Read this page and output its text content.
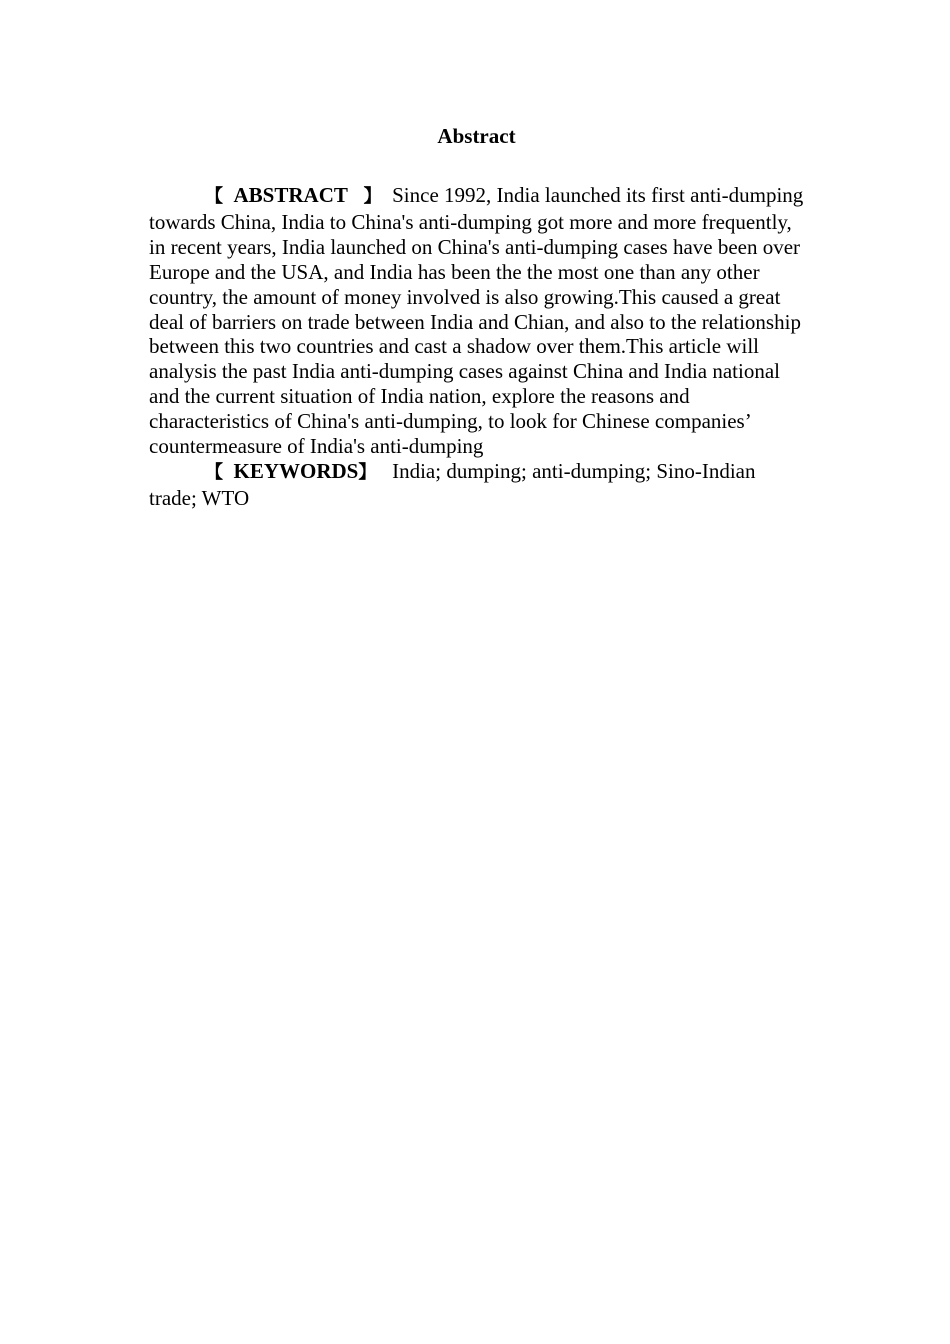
Abstract

【 ABSTRACT 】 Since 1992, India launched its first anti-dumping towards China, India to China's anti-dumping got more and more frequently, in recent years, India launched on China's anti-dumping cases have been over Europe and the USA, and India has been the the most one than any other country, the amount of money involved is also growing.This caused a great deal of barriers on trade between India and Chian, and also to the relationship between this two countries and cast a shadow over them.This article will analysis the past India anti-dumping cases against China and India national and the current situation of India nation, explore the reasons and characteristics of China's anti-dumping, to look for Chinese companies’ countermeasure of India's anti-dumping

【 KEYWORDS】 India; dumping; anti-dumping; Sino-Indian trade; WTO
